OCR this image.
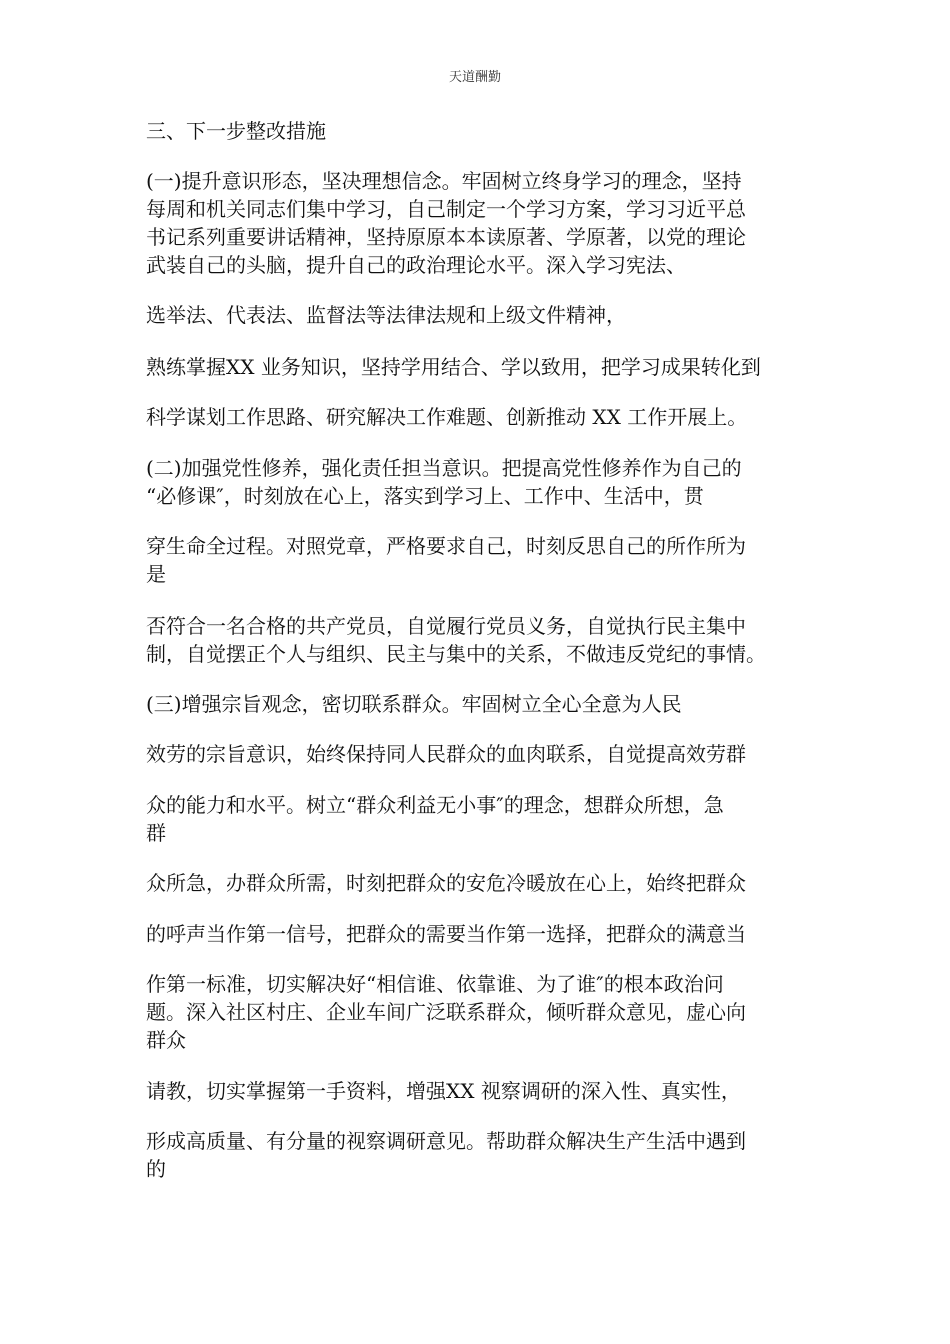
天道酬勤
三、下一步整改措施
(一)提升意识形态，坚决理想信念。牢固树立终身学习的理念，坚持
每周和机关同志们集中学习，自己制定一个学习方案，学习习近平总
书记系列重要讲话精神，坚持原原本本读原著、学原著，以党的理论
武装自己的头脑，提升自己的政治理论水平。深入学习宪法、
选举法、代表法、监督法等法律法规和上级文件精神，
熟练掌握XX 业务知识，坚持学用结合、学以致用，把学习成果转化到
科学谋划工作思路、研究解决工作难题、创新推动 XX 工作开展上。
(二)加强党性修养，强化责任担当意识。把提高党性修养作为自己的
“必修课″，时刻放在心上，落实到学习上、工作中、生活中，贯
穿生命全过程。对照党章，严格要求自己，时刻反思自己的所作所为
是
否符合一名合格的共产党员，自觉履行党员义务，自觉执行民主集中
制，自觉摆正个人与组织、民主与集中的关系，不做违反党纪的事情。
(三)增强宗旨观念，密切联系群众。牢固树立全心全意为人民
效劳的宗旨意识，始终保持同人民群众的血肉联系，自觉提高效劳群
众的能力和水平。树立“群众利益无小事″的理念，想群众所想，急
群
众所急，办群众所需，时刻把群众的安危冷暖放在心上，始终把群众
的呼声当作第一信号，把群众的需要当作第一选择，把群众的满意当
作第一标准，切实解决好“相信谁、依靠谁、为了谁″的根本政治问
题。深入社区村庄、企业车间广泛联系群众，倾听群众意见，虚心向
群众
请教，切实掌握第一手资料，增强XX 视察调研的深入性、真实性，
形成高质量、有分量的视察调研意见。帮助群众解决生产生活中遇到
的
